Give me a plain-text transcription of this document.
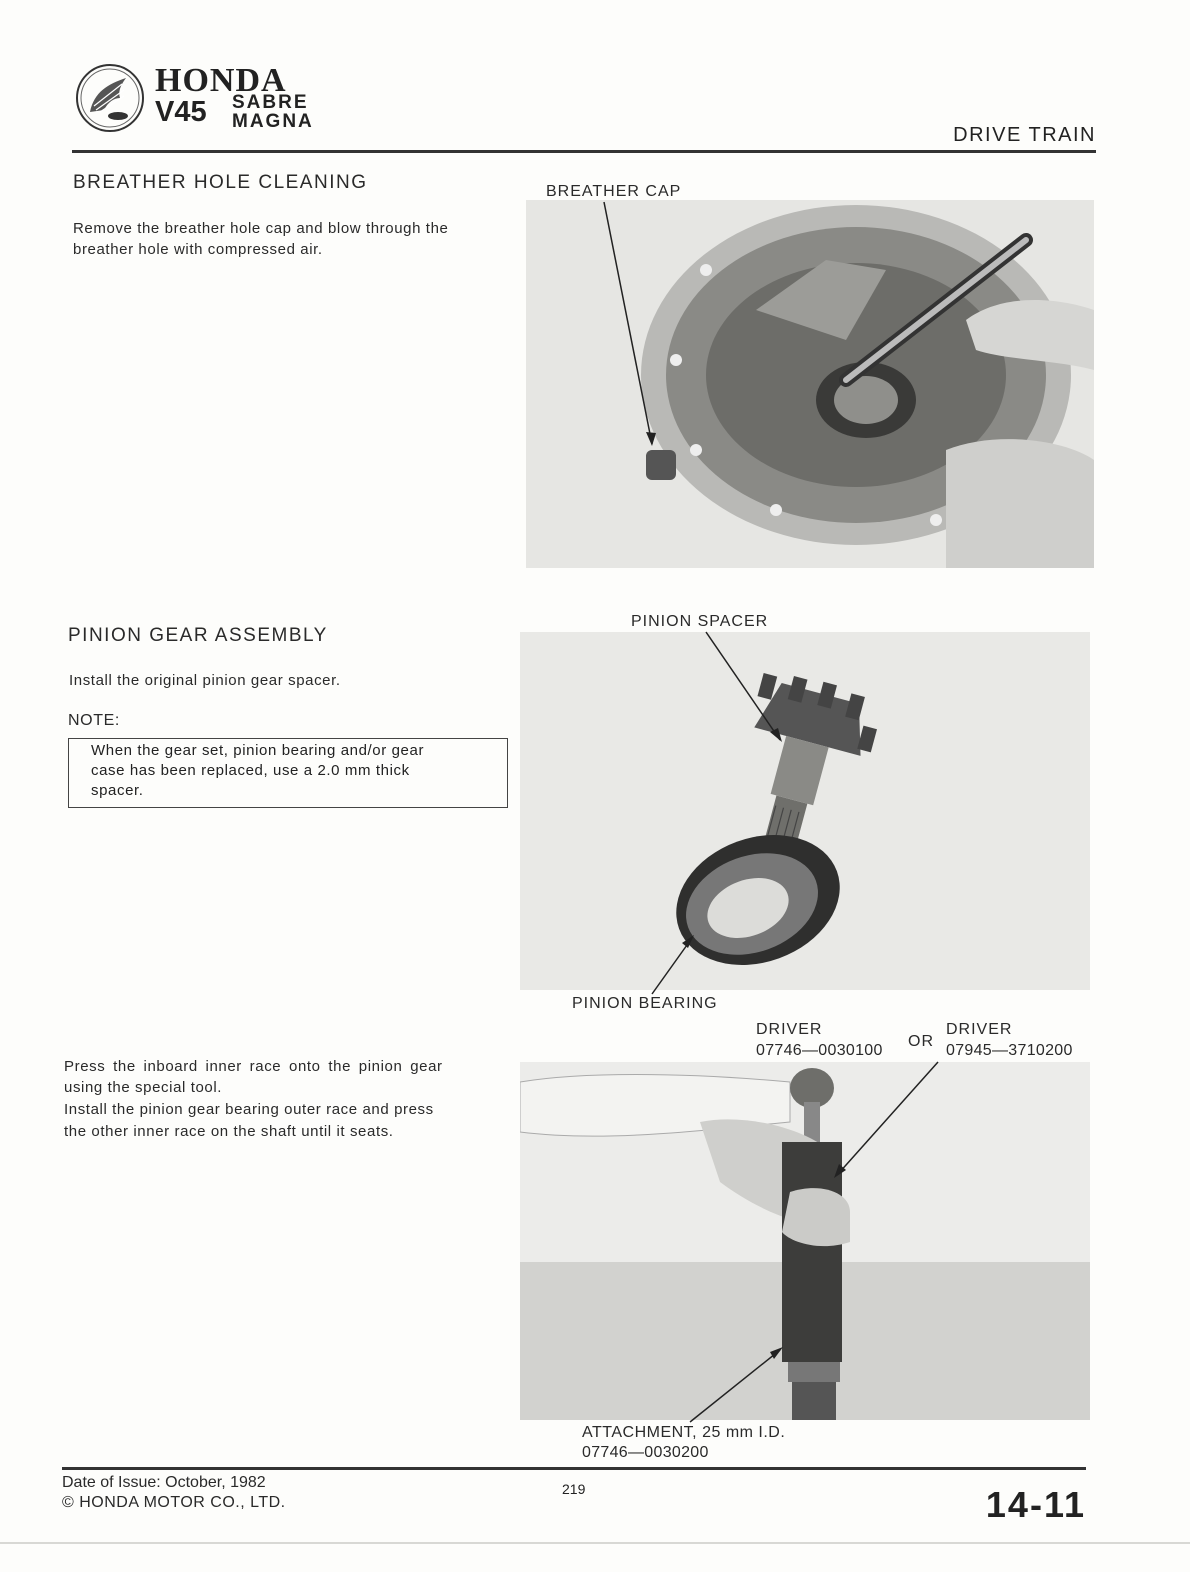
HONDA
V45 SABRE
MAGNA
DRIVE TRAIN
BREATHER HOLE CLEANING
Remove the breather hole cap and blow through the
breather hole with compressed air.
BREATHER CAP
PINION GEAR ASSEMBLY
Install the original pinion gear spacer.
NOTE:
When the gear set, pinion bearing and/or gear
case has been replaced, use a 2.0 mm thick
spacer.
PINION SPACER
PINION BEARING
Press the inboard inner race onto the pinion gear
using the special tool.
Install the pinion gear bearing outer race and press
the other inner race on the shaft until it seats.
DRIVER
07746—0030100
OR
DRIVER
07945—3710200
ATTACHMENT, 25 mm I.D.
07746—0030200
Date of Issue: October, 1982
© HONDA MOTOR CO., LTD.
219	14-11
